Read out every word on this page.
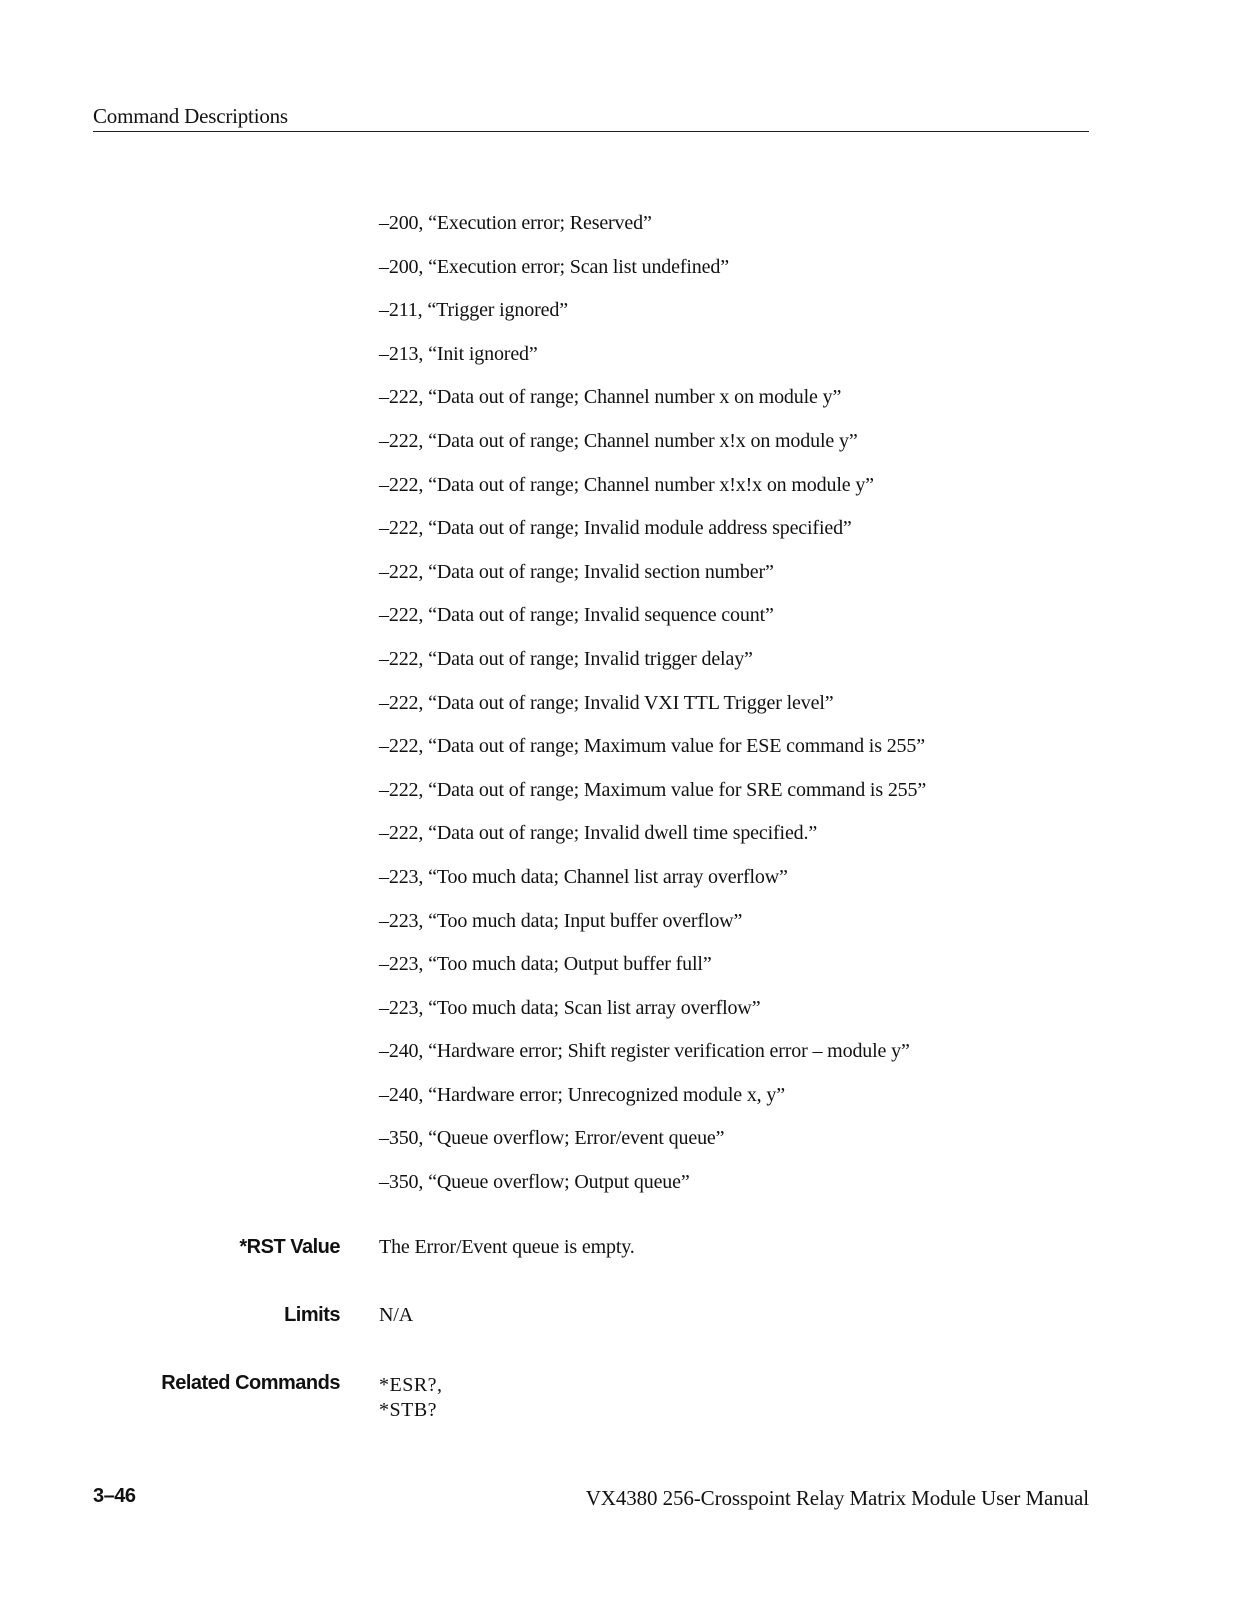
Command Descriptions
–200, “Execution error; Reserved”
–200, “Execution error; Scan list undefined”
–211, “Trigger ignored”
–213, “Init ignored”
–222, “Data out of range; Channel number x on module y”
–222, “Data out of range; Channel number x!x on module y”
–222, “Data out of range; Channel number x!x!x on module y”
–222, “Data out of range; Invalid module address specified”
–222, “Data out of range; Invalid section number”
–222, “Data out of range; Invalid sequence count”
–222, “Data out of range; Invalid trigger delay”
–222, “Data out of range; Invalid VXI TTL Trigger level”
–222, “Data out of range; Maximum value for ESE command is 255”
–222, “Data out of range; Maximum value for SRE command is 255”
–222, “Data out of range; Invalid dwell time specified.”
–223, “Too much data; Channel list array overflow”
–223, “Too much data; Input buffer overflow”
–223, “Too much data; Output buffer full”
–223, “Too much data; Scan list array overflow”
–240, “Hardware error; Shift register verification error – module y”
–240, “Hardware error; Unrecognized module x, y”
–350, “Queue overflow; Error/event queue”
–350, “Queue overflow; Output queue”
*RST Value The Error/Event queue is empty.
Limits N/A
Related Commands *ESR?,
*STB?
3–46	VX4380 256-Crosspoint Relay Matrix Module User Manual
